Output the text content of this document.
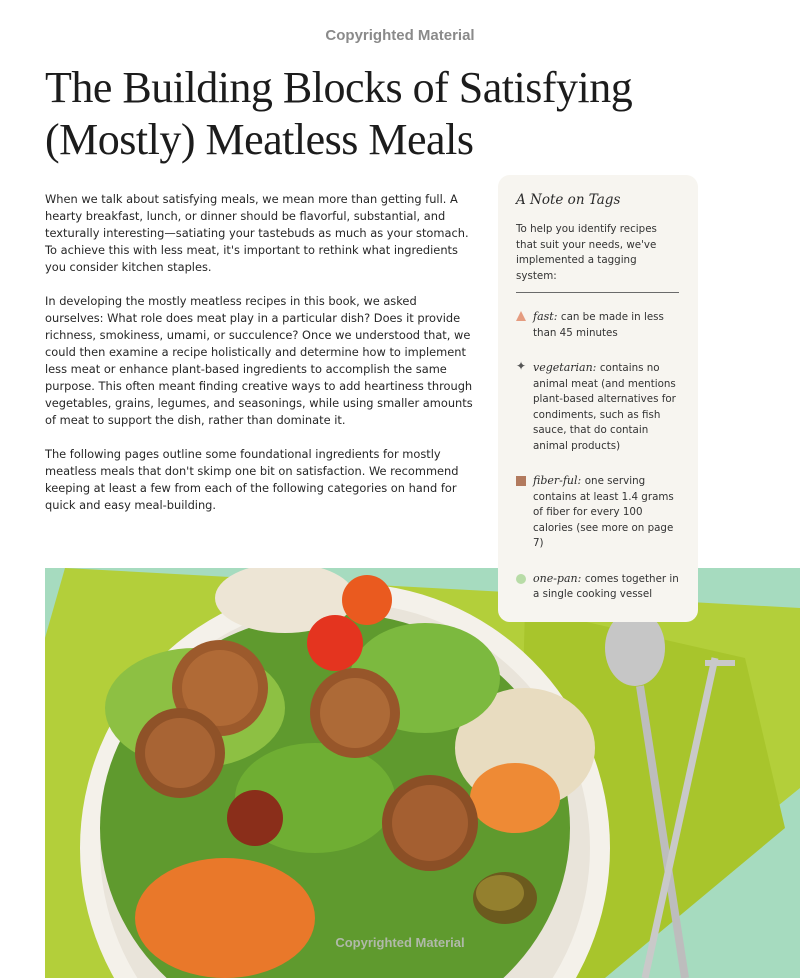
Copyrighted Material
The Building Blocks of Satisfying (Mostly) Meatless Meals

When we talk about satisfying meals, we mean more than getting full. A hearty breakfast, lunch, or dinner should be flavorful, substantial, and texturally interesting—satiating your tastebuds as much as your stomach. To achieve this with less meat, it's important to rethink what ingredients you consider kitchen staples.

In developing the mostly meatless recipes in this book, we asked ourselves: What role does meat play in a particular dish? Does it provide richness, smokiness, umami, or succulence? Once we understood that, we could then examine a recipe holistically and determine how to implement less meat or enhance plant-based ingredients to accomplish the same purpose. This often meant finding creative ways to add heartiness through vegetables, grains, legumes, and seasonings, while using smaller amounts of meat to support the dish, rather than dominate it.

The following pages outline some foundational ingredients for mostly meatless meals that don't skimp one bit on satisfaction. We recommend keeping at least a few from each of the following categories on hand for quick and easy meal-building.

A Note on Tags
To help you identify recipes that suit your needs, we've implemented a tagging system:
fast: can be made in less than 45 minutes
✦ vegetarian: contains no animal meat (and mentions plant-based alternatives for condiments, such as fish sauce, that do contain animal products)
fiber-ful: one serving contains at least 1.4 grams of fiber for every 100 calories (see more on page 7)
one-pan: comes together in a single cooking vessel
Copyrighted Material
